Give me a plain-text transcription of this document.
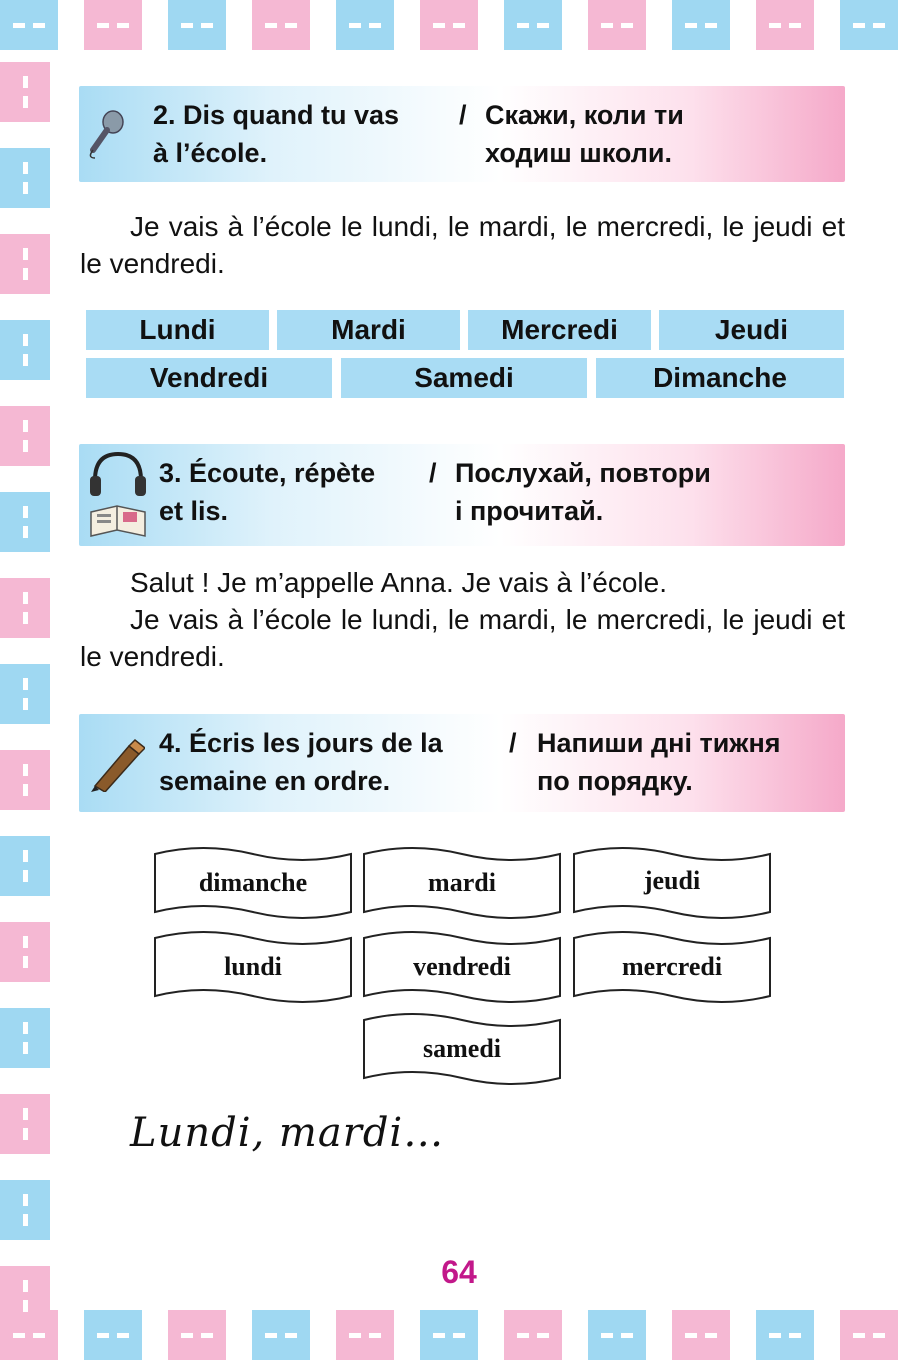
2. Dis quand tu vas
à l’école.
/ Скажи, коли ти
ходиш школи.

Je vais à l’école le lundi, le mardi, le mercredi, le jeudi et le vendredi.

Lundi	Mardi	Mercredi	Jeudi
Vendredi	Samedi	Dimanche
3. Écoute, répète
et lis.
/ Послухай, повтори
і прочитай.

Salut ! Je m’appelle Anna. Je vais à l’école.

Je vais à l’école le lundi, le mardi, le mercredi, le jeudi et le vendredi.

4. Écris les jours de la
semaine en ordre.
/ Напиши дні тижня
по порядку.
dimanche	mardi	jeudi
lundi	vendredi	mercredi
samedi
Lundi, mardi…
64
